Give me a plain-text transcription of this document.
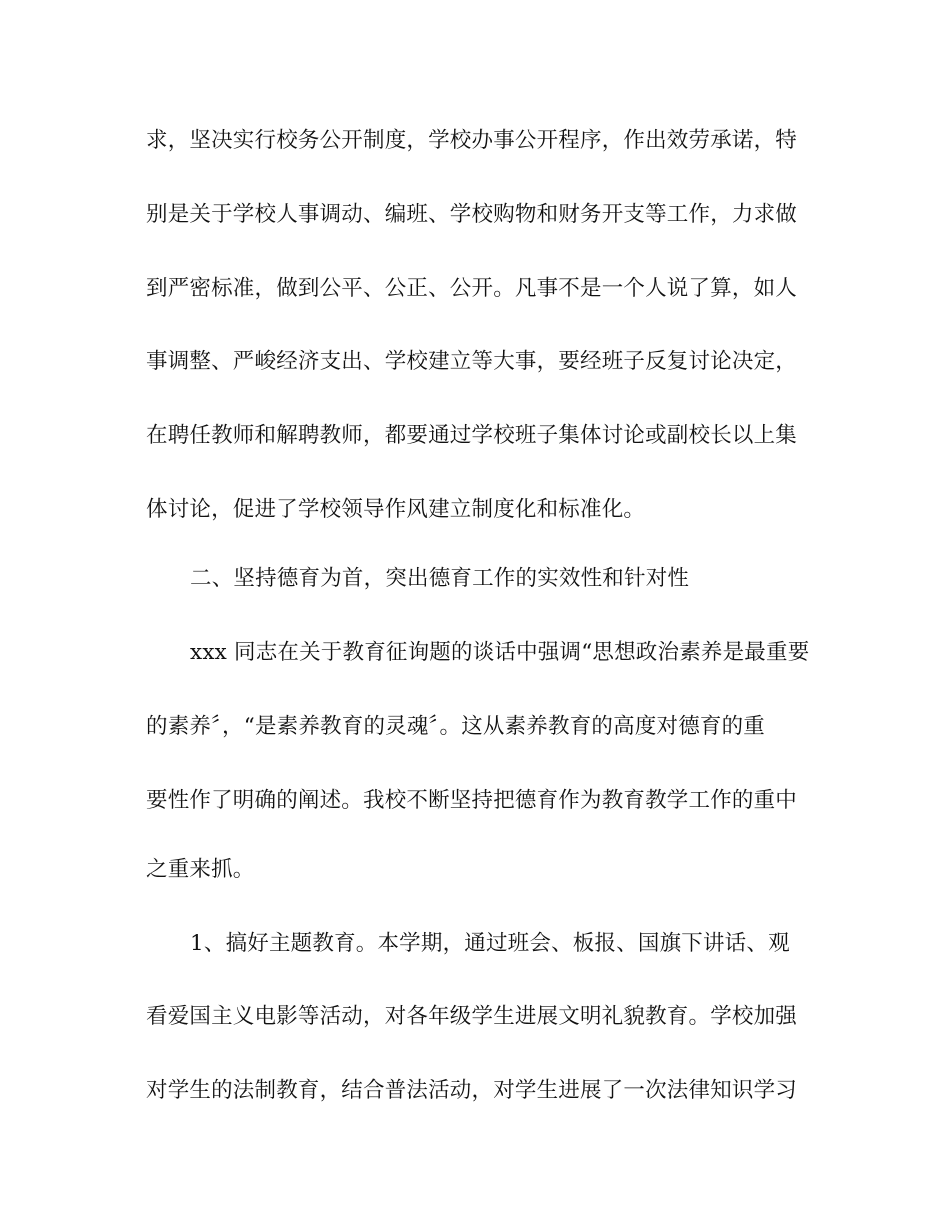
求，坚决实行校务公开制度，学校办事公开程序，作出效劳承诺，特
别是关于学校人事调动、编班、学校购物和财务开支等工作，力求做
到严密标准，做到公平、公正、公开。凡事不是一个人说了算，如人
事调整、严峻经济支出、学校建立等大事，要经班子反复讨论决定，
在聘任教师和解聘教师，都要通过学校班子集体讨论或副校长以上集
体讨论，促进了学校领导作风建立制度化和标准化。
二、坚持德育为首，突出德育工作的实效性和针对性
xxx 同志在关于教育征询题的谈话中强调“思想政治素养是最重要
的素养〞，“是素养教育的灵魂〞。这从素养教育的高度对德育的重
要性作了明确的阐述。我校不断坚持把德育作为教育教学工作的重中
之重来抓。
1、搞好主题教育。本学期，通过班会、板报、国旗下讲话、观
看爱国主义电影等活动，对各年级学生进展文明礼貌教育。学校加强
对学生的法制教育，结合普法活动，对学生进展了一次法律知识学习
